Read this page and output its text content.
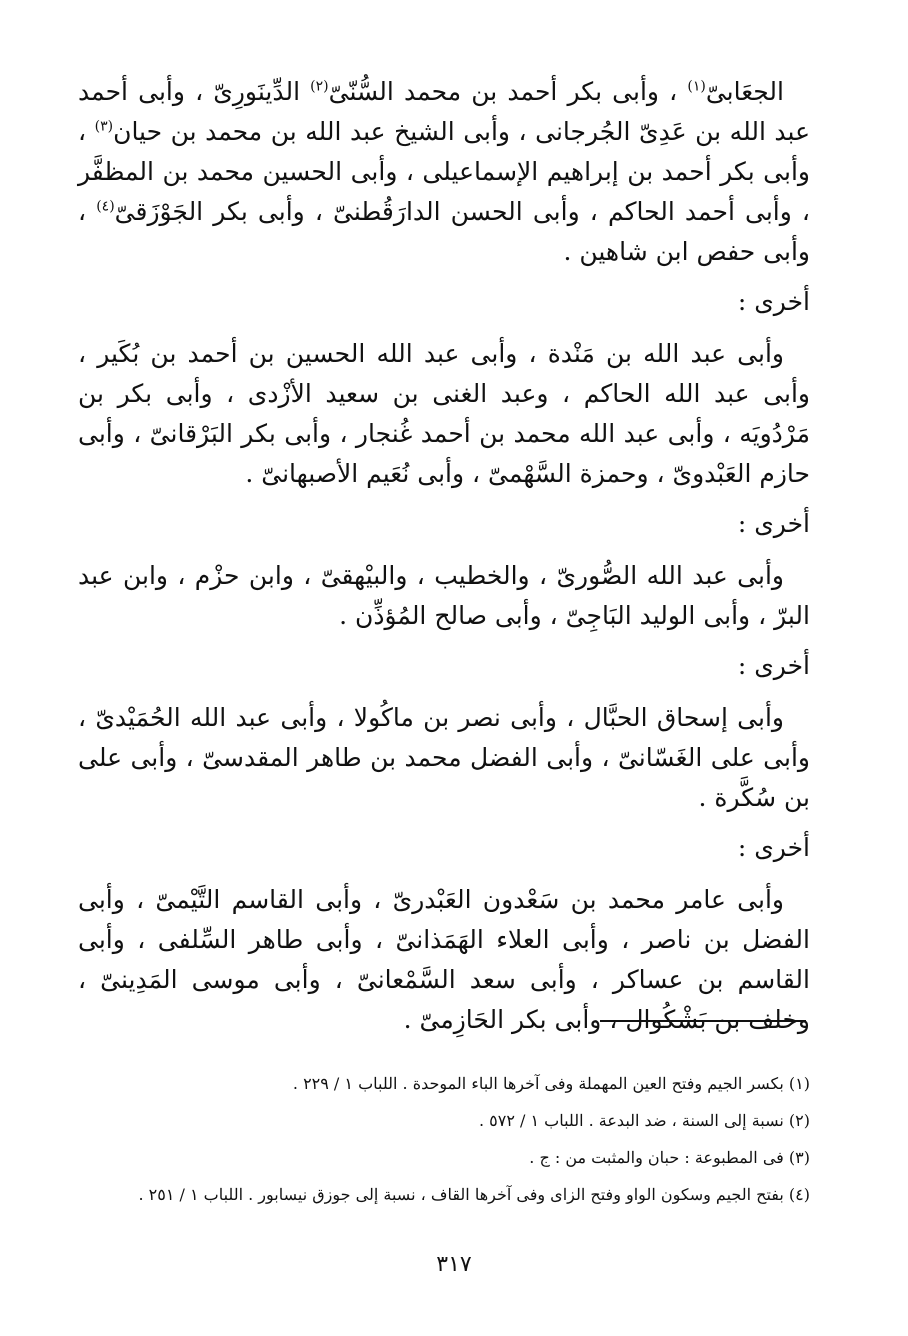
الجعَابىّ$^{(١)}$ ، وأبى بكر أحمد بن محمد السُّنّىّ$^{(٢)}$ الدِّينَورِىّ ، وأبى أحمد عبد الله بن عَدِىّ الجُرجانى ، وأبى الشيخ عبد الله بن محمد بن حيان$^{(٣)}$ ، وأبى بكر أحمد بن إبراهيم الإسماعيلى ، وأبى الحسين محمد بن المظفَّر ، وأبى أحمد الحاكم ، وأبى الحسن الدارَقُطنىّ ، وأبى بكر الجَوْزَقىّ$^{(٤)}$ ، وأبى حفص ابن شاهين .

أخرى :

وأبى عبد الله بن مَنْدة ، وأبى عبد الله الحسين بن أحمد بن بُكَير ، وأبى عبد الله الحاكم ، وعبد الغنى بن سعيد الأزْدى ، وأبى بكر بن مَرْدُويَه ، وأبى عبد الله محمد بن أحمد غُنجار ، وأبى بكر البَرْقانىّ ، وأبى حازم العَبْدوىّ ، وحمزة السَّهْمىّ ، وأبى نُعَيم الأصبهانىّ .

أخرى :

وأبى عبد الله الصُّورىّ ، والخطيب ، والبيْهقىّ ، وابن حزْم ، وابن عبد البرّ ، وأبى الوليد البَاجِىّ ، وأبى صالح المُؤذِّن .

أخرى :

وأبى إسحاق الحبَّال ، وأبى نصر بن ماكُولا ، وأبى عبد الله الحُمَيْدىّ ، وأبى على الغَسّانىّ ، وأبى الفضل محمد بن طاهر المقدسىّ ، وأبى على بن سُكَّرة .

أخرى :

وأبى عامر محمد بن سَعْدون العَبْدرىّ ، وأبى القاسم التَّيْمىّ ، وأبى الفضل بن ناصر ، وأبى العلاء الهَمَذانىّ ، وأبى طاهر السِّلفى ، وأبى القاسم بن عساكر ، وأبى سعد السَّمْعانىّ ، وأبى موسى المَدِينىّ ، وخلف بن بَشْكُوال ، وأبى بكر الحَازِمىّ .

(١) بكسر الجيم وفتح العين المهملة وفى آخرها الباء الموحدة . اللباب ١ / ٢٢٩ .

(٢) نسبة إلى السنة ، ضد البدعة . اللباب ١ / ٥٧٢ .

(٣) فى المطبوعة : حبان والمثبت من : ج .

(٤) بفتح الجيم وسكون الواو وفتح الزاى وفى آخرها القاف ، نسبة إلى جوزق نيسابور . اللباب ١ / ٢٥١ .

٣١٧
